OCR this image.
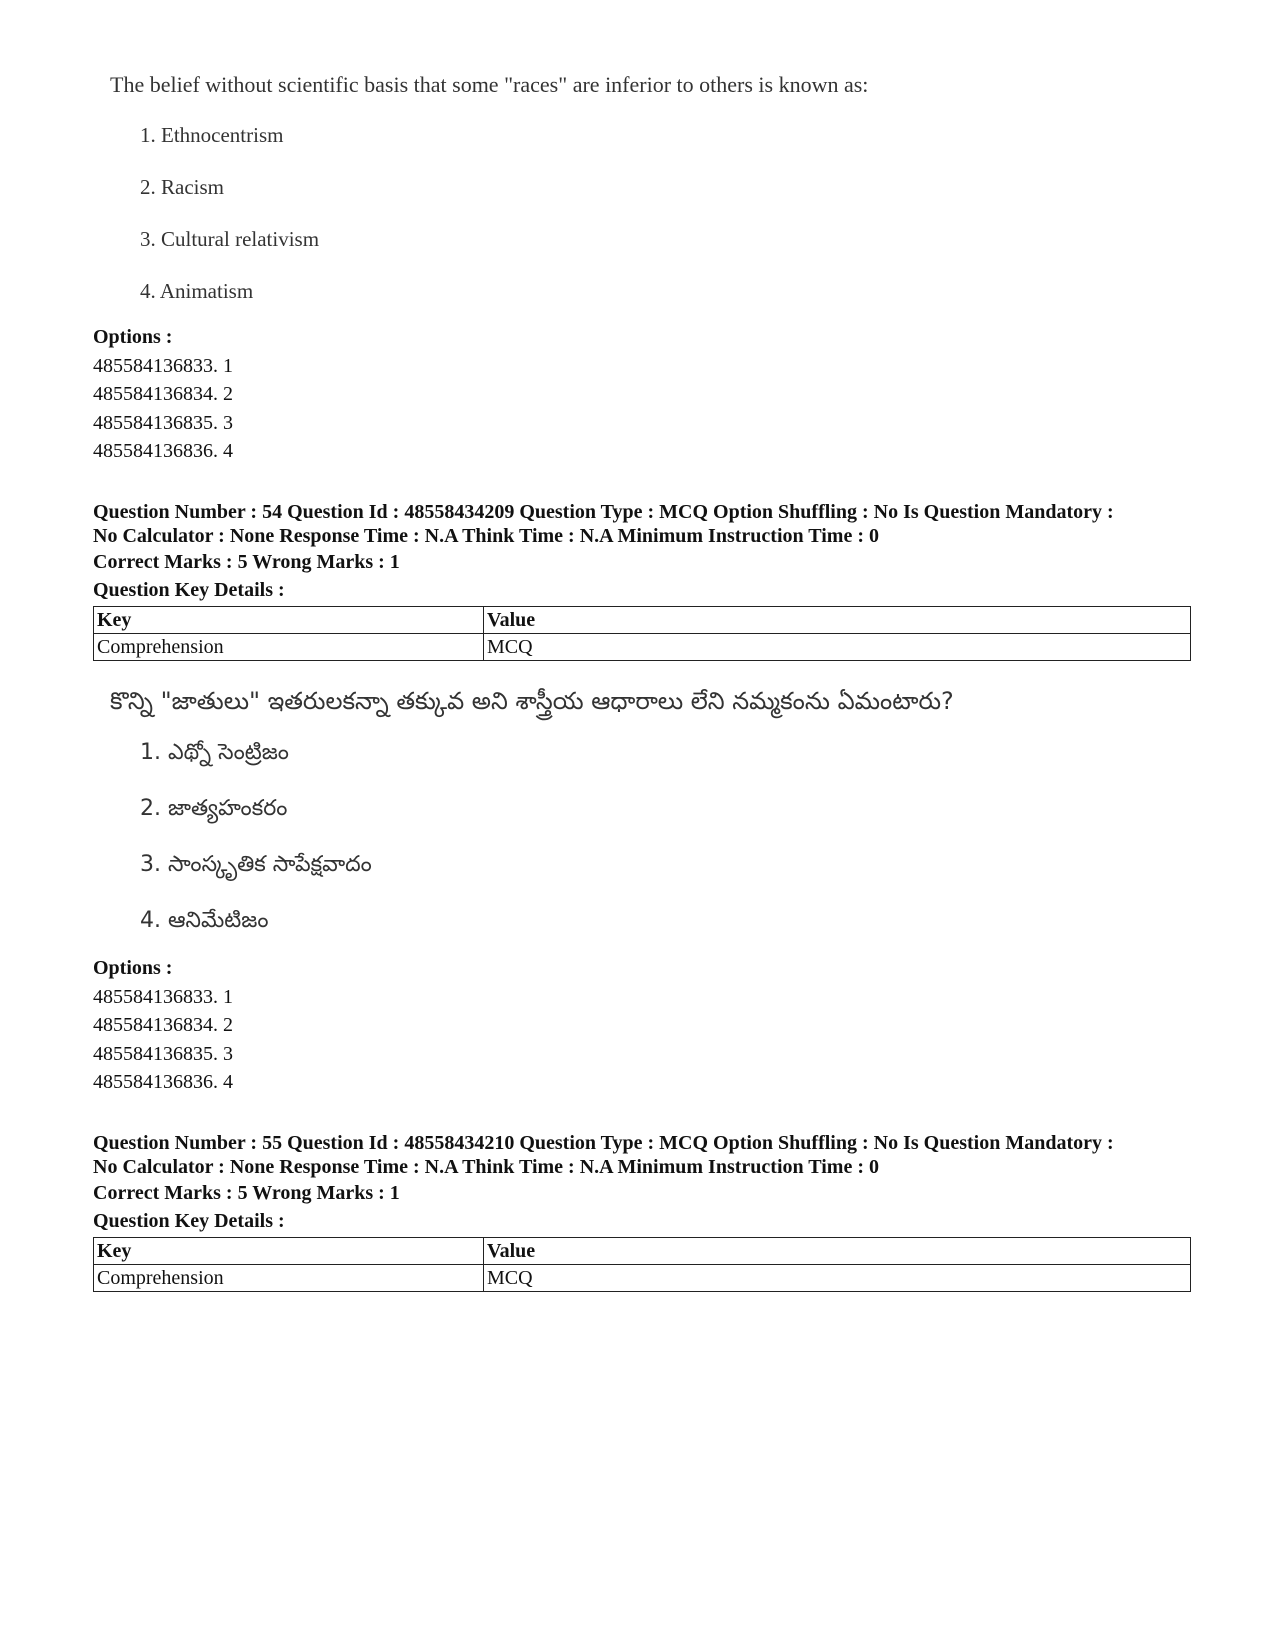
The belief without scientific basis that some "races" are inferior to others is known as:

1. Ethnocentrism
2. Racism
3. Cultural relativism
4. Animatism
Options :
485584136833. 1
485584136834. 2
485584136835. 3
485584136836. 4
Question Number : 54 Question Id : 48558434209 Question Type : MCQ Option Shuffling : No Is Question Mandatory :
No Calculator : None Response Time : N.A Think Time : N.A Minimum Instruction Time : 0
Correct Marks : 5 Wrong Marks : 1
Question Key Details :
Key	Value
Comprehension	MCQ

కొన్ని "జాతులు" ఇతరులకన్నా తక్కువ అని శాస్త్రీయ ఆధారాలు లేని నమ్మకంను ఏమంటారు?

1. ఎథ్నో సెంట్రిజం
2. జాత్యహంకరం
3. సాంస్కృతిక సాపేక్షవాదం
4. ఆనిమేటిజం
Options :
485584136833. 1
485584136834. 2
485584136835. 3
485584136836. 4
Question Number : 55 Question Id : 48558434210 Question Type : MCQ Option Shuffling : No Is Question Mandatory :
No Calculator : None Response Time : N.A Think Time : N.A Minimum Instruction Time : 0
Correct Marks : 5 Wrong Marks : 1
Question Key Details :
Key	Value
Comprehension	MCQ
